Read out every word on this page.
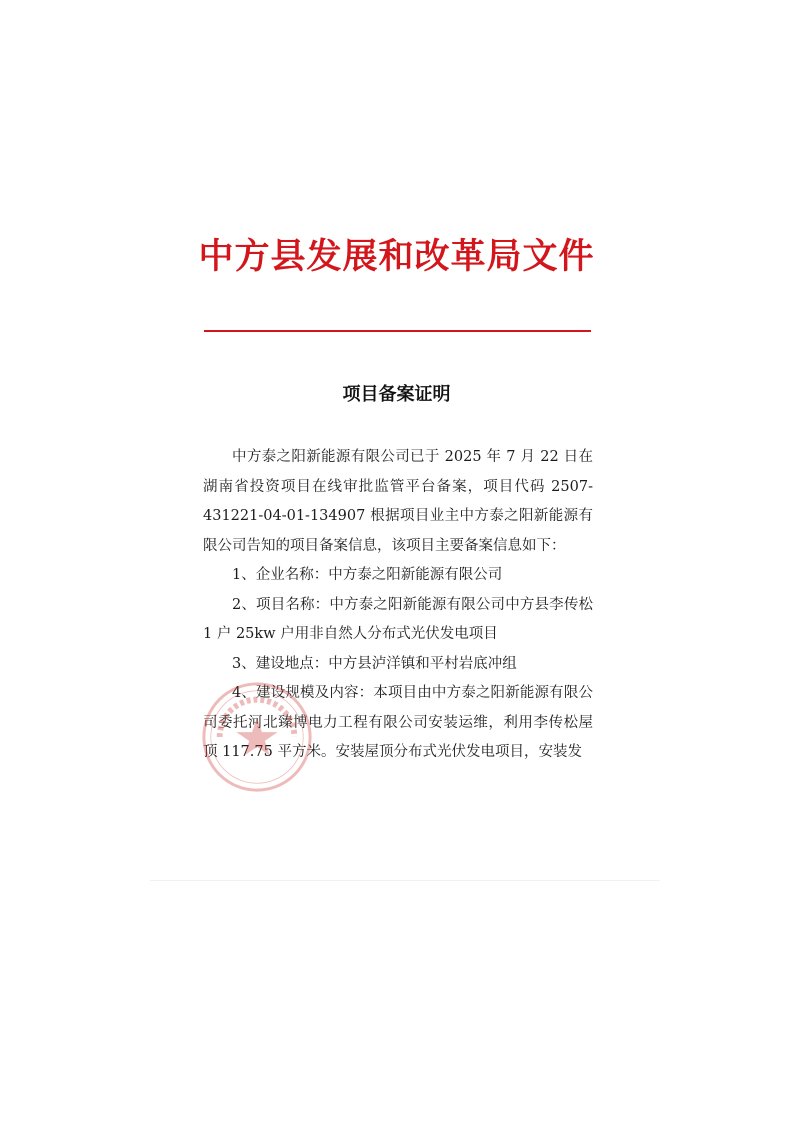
中方县发展和改革局文件
项目备案证明

中方泰之阳新能源有限公司已于 2025 年 7 月 22 日在湖南省投资项目在线审批监管平台备案，项目代码 2507-431221-04-01-134907 根据项目业主中方泰之阳新能源有限公司告知的项目备案信息，该项目主要备案信息如下：

1、企业名称：中方泰之阳新能源有限公司

2、项目名称：中方泰之阳新能源有限公司中方县李传松 1 户 25kw 户用非自然人分布式光伏发电项目

3、建设地点：中方县泸洋镇和平村岩底冲组

4、建设规模及内容：本项目由中方泰之阳新能源有限公司委托河北臻博电力工程有限公司安装运维，利用李传松屋顶 117.75 平方米。安装屋顶分布式光伏发电项目，安装发
